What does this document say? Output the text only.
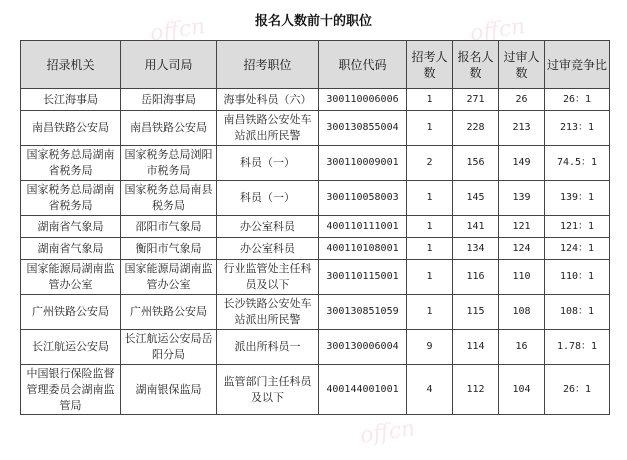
offcn	offcn
offcn
报名人数前十的职位
招录机关	用人司局	招考职位	职位代码	招考人数	报名人数	过审人数	过审竞争比
长江海事局	岳阳海事局	海事处科员（六）	300110006006	1	271	26	26：1
南昌铁路公安局	南昌铁路公安局	南昌铁路公安处车站派出所民警	300130855004	1	228	213	213：1
国家税务总局湖南省税务局	国家税务总局浏阳市税务局	科员（一）	300110009001	2	156	149	74.5：1
国家税务总局湖南省税务局	国家税务总局南县税务局	科员（一）	300110058003	1	145	139	139：1
湖南省气象局	邵阳市气象局	办公室科员	400110111001	1	141	121	121：1
湖南省气象局	衡阳市气象局	办公室科员	400110108001	1	134	124	124：1
国家能源局湖南监管办公室	国家能源局湖南监管办公室	行业监管处主任科员及以下	300110115001	1	116	110	110：1
广州铁路公安局	广州铁路公安局	长沙铁路公安处车站派出所民警	300130851059	1	115	108	108：1
长江航运公安局	长江航运公安局岳阳分局	派出所科员一	300130006004	9	114	16	1.78：1
中国银行保险监督管理委员会湖南监管局	湖南银保监局	监管部门主任科员及以下	400144001001	4	112	104	26：1
